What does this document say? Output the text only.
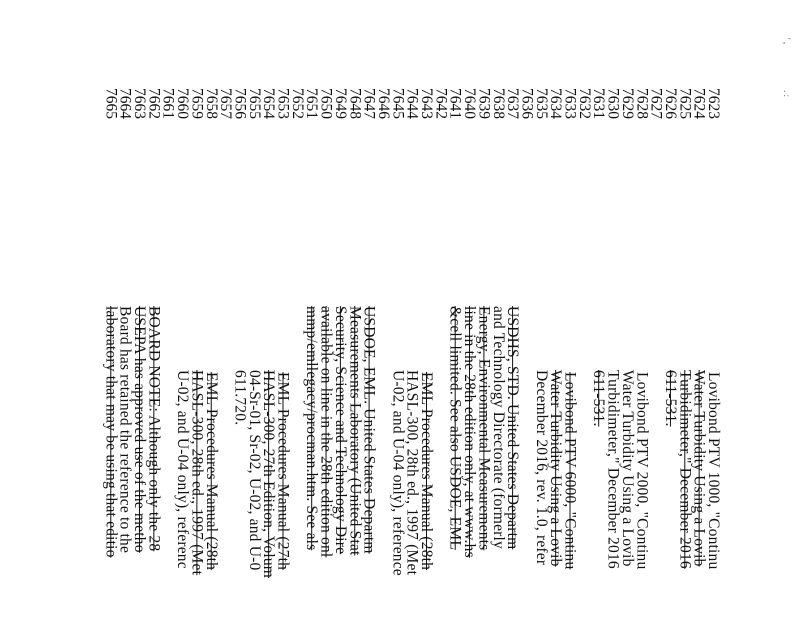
' ,
. :
7623
7624
7625
7626
7627
7628
7629
7630
7631
7632
7633
7634
7635
7636
7637
7638
7639
7640
7641
7642
7643
7644
7645
7646
7647
7648
7649
7650
7651
7652
7653
7654
7655
7656
7657
7658
7659
7660
7661
7662
7663
7664
7665
Lovibond PTV 1000, "Continu
Water Turbidity Using a Lovib
Turbidimeter," December 2016
611-531.
Lovibond PTV 2000, "Continu
Water Turbidity Using a Lovib
Turbidimeter," December 2016
611-531.
Lovibond PTV 6000, "Continu
Water Turbidity Using a Lovib
December 2016, rev. 1.0, refer
USDHS, STD. United States Departm
and Technology Directorate (formerly
Energy, Environmental Measurements
line in the 28th edition only, at www.hs
&cell limited. See also USDOE, EML
EML Procedures Manual (28th
HASL-300, 28th ed., 1997 (Met
U-02, and U-04 only), reference
USDOE, EML. United States Departm
Measurements Laboratory (United Stat
Security, Science and Technology Dire
available on line in the 28th edition onl
mmp/emllegacy/procman.htm. See als
EML Procedures Manual (27th
HASL-300, 27th Edition, Volum
04-Sr-01, Sr-02, U-02, and U-0
611.720.
EML Procedures Manual (28th
HASL-300, 28th ed., 1997 (Met
U-02, and U-04 only), referenc
BOARD NOTE: Although only the 28
USEPA has approved use of the metho
Board has retained the reference to the
laboratory that may be using that editio
